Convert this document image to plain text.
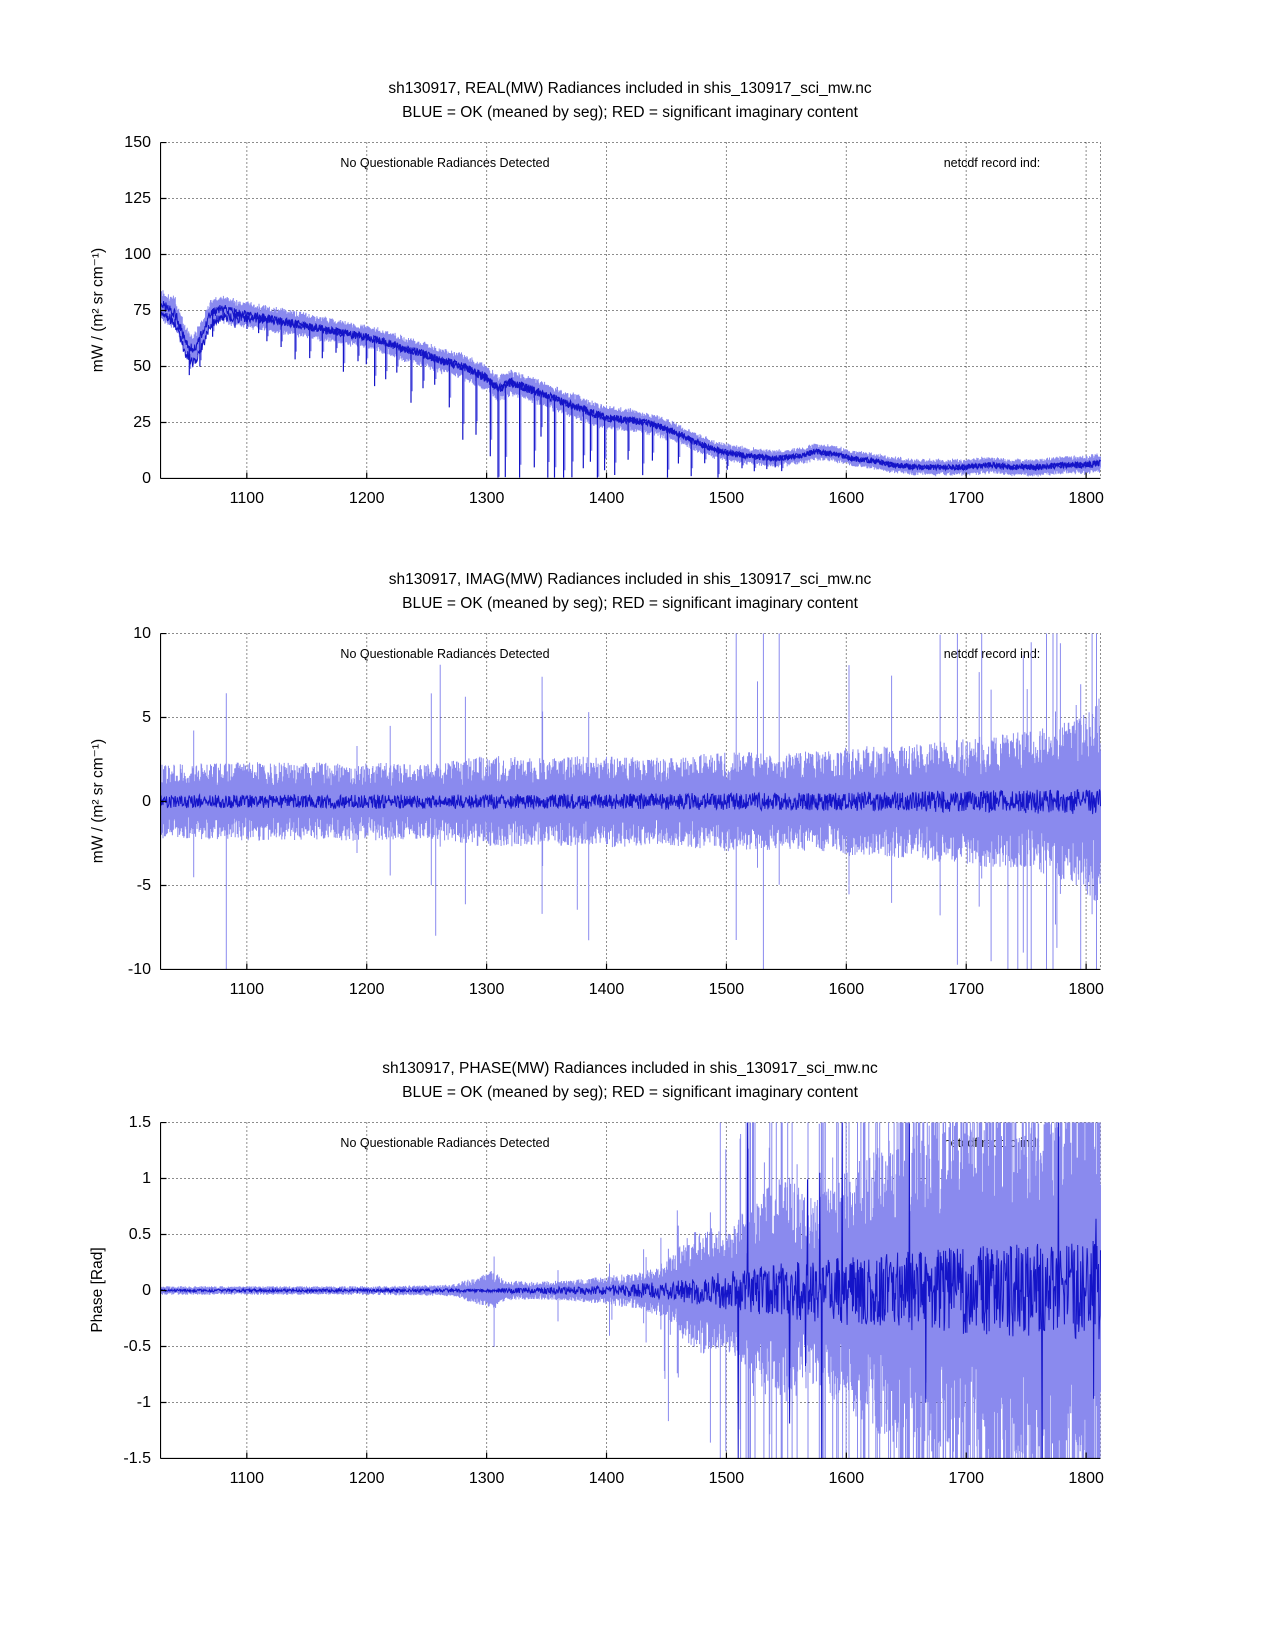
sh130917, REAL(MW) Radiances included in shis_130917_sci_mw.nc
BLUE = OK (meaned by seg); RED = significant imaginary content
mW / (m² sr cm⁻¹)
No Questionable Radiances Detected	netcdf record ind:
1100	1200	1300	1400	1500	1600	1700	1800
0
25
50
75
100
125
150
sh130917, IMAG(MW) Radiances included in shis_130917_sci_mw.nc
BLUE = OK (meaned by seg); RED = significant imaginary content
mW / (m² sr cm⁻¹)
No Questionable Radiances Detected	netcdf record ind:
1100	1200	1300	1400	1500	1600	1700	1800
-10
-5
0
5
10
sh130917, PHASE(MW) Radiances included in shis_130917_sci_mw.nc
BLUE = OK (meaned by seg); RED = significant imaginary content
Phase [Rad]
No Questionable Radiances Detected	netcdf record ind:
1100	1200	1300	1400	1500	1600	1700	1800
-1.5
-1
-0.5
0
0.5
1
1.5
